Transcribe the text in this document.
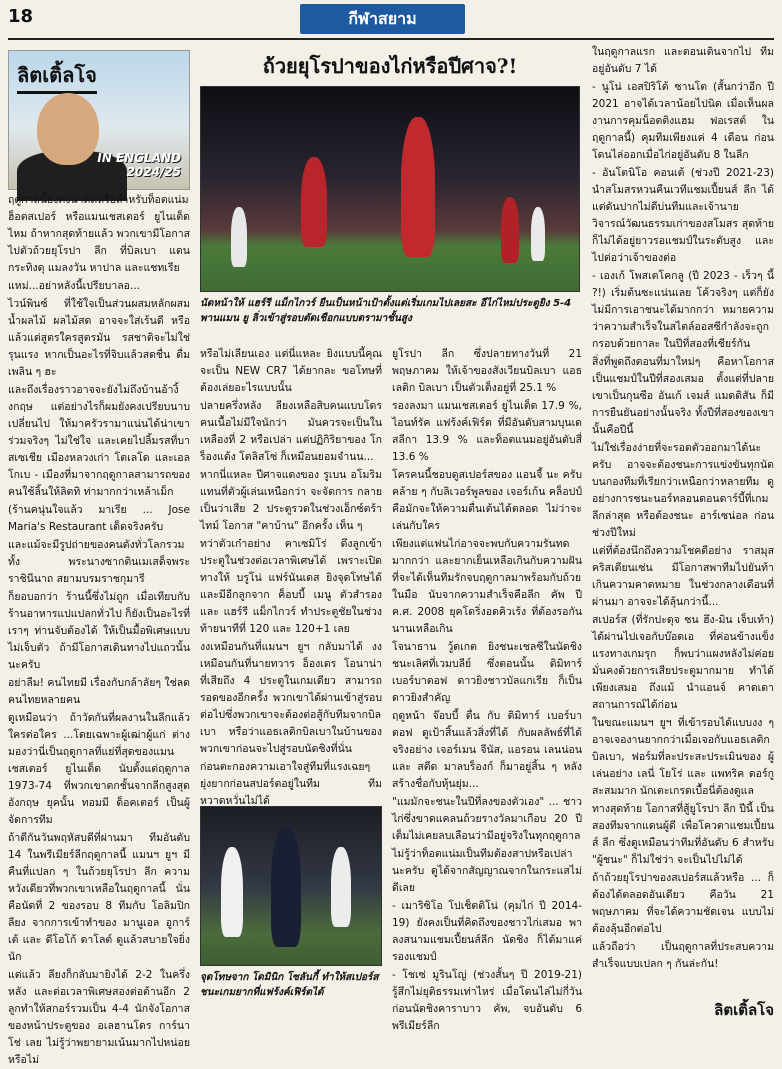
18	กีฬาสยาม
ลิตเติ้ลโจ
IN ENGLAND
2024/25
ถ้วยยุโรปาของไก่หรือปีศาจ?!
นัดหน้าให้ แฮร์รี แม็กไกวร์ ยืนเป็นหน้าเป้าตั้งแต่เริ่มเกมไปเลยสะ อีไก่ไหม่ประตูยิง 5-4 พานแมน ยู ลิ่วเข้าสู่รอบตัดเชือกแบบดรามาชั้นสูง
จุดโทษจาก โดมินิก โซลันกี้ ทำให้สเปอร์สชนะเกมยากที่แฟร้งค์เฟิร์ตได้

ฤดูกาลนี้ยังคงน่าติดหรือลำหรับท็อตแน่ม ฮ็อตสเปอร์ หรือแมนเชสเตอร์ ยูไนเต็ด ไหม ถ้าหากสุดท้ายแล้ว พวกเขามีโอกาสไปตัวถ้วยยุโรปา ลีก ที่บิลเบา แดนกระทิงดุ แมลงวัน หาปาล และแชทเรีย

แหม่...อย่าหลังนี้เปรียบาลอ...

ไวน์พินซ์ ที่ใช้ใจเป็นส่วนผสมหลักผสมน้ำผลไม้ ผลไม้สด อาจจะใส่เร้นดี หรือแล้วแต่สูตรใครสูตรมัน รสชาติจะไม่ใช่รุนแรง หากเป็นอะไรที่จิบแล้วสดชื่น ดื่มเพลิน ๆ ฮะ

และถึงเรื่องราวอาจจะยังไม่ถึงบ้านอ้างิ้งกฤษ แต่อย่างไรก็ผมยังคงเปรียบนาบเปลี่ยนไป ให้มาครัวรามาแน่นได้น่าเขาร่วมจริงๆ ไม่ใช่ใจ และเคยไปลิ้มรสที่บาสเซเชีย เมืองหลวงเก่า โตเลโด และเอลโกเบ - เมืองที่มาจากฤดูกาลสามารถของคนใช้ลิ้นให้ลิตทิ ท่ามากกว่าเหล้าเม็ก

(ร้านคนุ่นใจแล้ว มาเรีย ... Jose Maria's Restaurant เด็ดจริงครับ

และแม้จะมีรูปถ่ายของคนดังทั่วโลกรวมทั้ง พระนางซากตินเมเสด็จพระราชินีนาถ สยามบรมราชกุมารี

ก็ยอบอกว่า ร้านนี้ซึ่งไม่ถูก เมื่อเทียบกับร้านอาหารแปแปลกทั่วไป ก็ยังเป็นอะไรที่เราๆ ท่านจับต้องได้ ให้เป็นมื้อพิเศษแบบไม่เจ็บตัว ถ้ามีโอกาสเดินทางไปแถวนั้นนะครับ

อย่าลืม! คนไทยมี เรื่องกับกล้าลัยๆ ใช่ลดคนไทยหลายคน

ดูเหมือนว่า ถ้าวัดกันที่ผลงานในลีกแล้ว ใครต่อใคร ...โดยเฉพาะผู้เฒ่าผู้แก่ ต่างมองว่านี่เป็นฤดูกาลที่แย่ที่สุดของแมนเชสเตอร์ ยูไนเต็ด นับตั้งแต่ฤดูกาล 1973-74 ที่พวกเขาตกชั้นจากลีกสูงสุดอังกฤษ ยุคนั้น ทอมมี ด็อคเตอร์ เป็นผู้จัดการทีม

ถ้าดีกันวันพฤหัสบดีที่ผ่านมา ทีมอันดับ 14 ในพรีเมียร์ลีกฤดูกาลนี้ แมนฯ ยูฯ มีคืนที่แปลก ๆ ในถ้วยยุโรปา ลีก ความหวังเดียวที่พวกเขาเหลือในฤดูกาลนี้ นั่นคือนัดที่ 2 ของรอบ 8 ทีมกับ โอลิมปิก ลียง จากการเข้าทำของ มานูเอล อูการ์เต้ และ ดีโอโก้ ดาโลต์ ดูแล้วสบายใจยิ่งนัก

แต่แล้ว ลียงก็กลับมายิงได้ 2-2 ในครึ่งหลัง และต่อเวลาพิเศษสองต่อต้านอีก 2 ลูกทำให้สกอร์รวมเป็น 4-4 นักจังโอกาสของหน้าประตูของ อเลฮานโดร การ์นาโช่ เลย ไม่รู้ว่าพยายามเน้นมากไปหน่อยหรือไม่

หรือไม่เลียนเอง แต่นี่แหละ ยิงแบบนี้คุณจะเป็น NEW CR7 ได้ยากละ ขอโทษที่ต้องเล่ยอะไรแบบนั้น

ปลายครึ่งหลัง ลียงเหลือสิบคนแบบโดรคนเนื้อไม่มีใจนักว่า มันควรจะเป็นในเหลืองที่ 2 หรือเปล่า แต่ปฏิกิริยาของ โกร็องแด้ง โตลิสโซ่ ก็เหมือนยอมจำนน...

หากนี่แหละ ปีศาจแดงของ รูเบน อโมริม แทนที่ตัวผู้เล่นเหนือกว่า จะจัดการ กลายเป็นว่าเสีย 2 ประตูรวดในช่วงเอ็กซ์ตร้าไทม์ โอกาส "คาบ้าน" อีกครั้ง เห็น ๆ

ทว่าตัวเก๋าอย่าง คาเซมิโร่ ดึงลูกเข้าประตูในช่วงต่อเวลาพิเศษได้ เพราะเปิดทางให้ บรูโน่ แฟร์นันเดส ยิงจุดโทษได้ และมีอีกลูกจาก ค็อบบี้ เมนู ตัวสำรอง และ แฮร์รี แม็กไกวร์ ทำประตูชัยในช่วงท้ายนาทีที่ 120 และ 120+1 เลย

งงเหมือนกันที่แมนฯ ยูฯ กลับมาได้ งงเหมือนกันที่นายทวาร อ็องเดร โอนาน่า ที่เสียถึง 4 ประตูในเกมเดียว สามารถรอดของอีกครั้ง พวกเขาได้ผ่านเข้าสู่รอบต่อไปซึ่งพวกเขาจะต้องต่อสู้กับทีมจากบิลเบา หรือว่าแอธเลติกบิลเบาในบ้านของพวกเขาก่อนจะไปสู่รอบนัดชิงที่นั่น

ก่อนตะกองความเอาใจสู่ทีมที่แรงเฉยๆ ยุ่งยากก่อนสปอร์ตอยู่ในทีม ทีมหวาดหวั่นไม่ได้

ยูโรปา ลีก ซึ่งปลายทางวันที่ 21 พฤษภาคม ให้เจ้าของสังเวียนบิลเบา แอธเลติก บิลเบา เป็นตัวเต็งอยู่ที่ 25.1 %

รองลงมา แมนเชสเตอร์ ยูไนเต็ด 17.9 %, ไอนท์รัค แฟร้งค์เฟิร์ต ที่มีอันดับสามบุนเดสลีกา 13.9 % และท็อตแนมอยู่อันดับสี่ 13.6 %

โครคนนี้ชอบดูสเปอร์สของ แอนจี้ นะ ครับ คล้าย ๆ กับลิเวอร์พูลของ เจอร์เก้น คล็อปป์ คือมักจะให้ความตื่นเต้นได้ตลอด ไม่ว่าจะเล่นกับใคร

เพียงแต่แฟนไก่อาจจะพบกับความรันทดมากกว่า และยากเย็นเหลือเกินกับความฝันที่จะได้เห็นทีมรักจบฤดูกาลมาพร้อมกับถ้วยในมือ นับจากความสำเร็จคือลีก คัพ ปี ค.ศ. 2008 ยุคโดริ่งอดคิวเร้ง ที่ต้องรอกันนานเหลือเกิน

โจนาธาน วู้ดเกต ยิงชนะเชลซีในนัดชิงชนะเลิศที่เวมบลีย์ ซึ่งตอนนั้น ดิมิทาร์ เบอร์บาตอฟ ดาวยิงชาวบัลแกเรีย ก็เป็นดาวยิงสำคัญ

ฤดูหน้า จ๊อบบี้ ตื่น กับ ดิมิทาร์ เบอร์บาตอฟ ดูเป้าสิ้นแล้วสิ่งที่ได้ กับผลลัพธ์ที่ได้จริงอย่าง เจอร์เมน จีนัส, แอรอน เลนน่อน และ สตีด มาลบร็องก์ ก็มาอยู่สิ้น ๆ หลังสร้างชื่อกับหุ้นยุ่ม...

"แมมักจะชนะในปีที่ลงของตัวเอง" ... ชาวไก่ซึ่งขาดแคลนถ้วยรางวัลมาเกือบ 20 ปีเต็มไม่เคยลบเลือนว่ามีอยู่จริงในทุกฤดูกาล

ไม่รู้ว่าท็อตแน่มเป็นทีมต้องสาปหรือเปล่านะครับ ดูได้จากสัญญาณจากในกระแสไม่ดีเลย

- เมาริซิโอ โปเช็ตติโน่ (คุมไก่ ปี 2014-19) ยังคงเป็นที่คิดถึงของชาวไก่เสมอ พาลงสนามแชมเปี้ยนส์ลีก นัดชิง ก็ได้มาแค่รองแชมป์

- โชเซ่ มูรินโญ่ (ช่วงสั้นๆ ปี 2019-21) รู้สึกไม่ยุติธรรมเท่าไหร่ เมื่อโดนไล่ไม่กี่วันก่อนนัดชิงคาราบาว คัพ, จบอันดับ 6 พรีเมียร์ลีก

ในฤดูกาลแรก และตอนเดินจากไป ทีมอยู่อันดับ 7 ได้

- นูโน่ เอสปิริโต้ ซานโต (สั้นกว่าอีก ปี 2021 อาจได้เวลาน้อยไปนิด เมื่อเห็นผลงานการคุมน็อตติงแฮม ฟอเรสต์ ในฤดูกาลนี้) คุมทีมเพียงแค่ 4 เดือน ก่อนโดนไล่ออกเมื่อไก่อยู่อันดับ 8 ในลีก

- อันโตนิโอ คอนเต้ (ช่วงปี 2021-23) นำสโมสรหวนคืนเวทีแชมเปี้ยนส์ ลีก ได้ แต่ดันปากไม่ดีบ่นทีมและเจ้านาย วิจารณ์วัฒนธรรมเก่าของสโมสร สุดท้ายก็ไม่ได้อยู่ยาวรอแชมป์ในระดับสูง และไปต่อว่าเจ้าของต่อ

- เองเก้ โพสเตโคกลู (ปี 2023 - เร็วๆ นี้ ?!) เริ่มต้นซะแน่นเลย โค้วจริงๆ แต่ก็ยังไม่มีการเอาชนะได้มากกว่า หมายความว่าความสำเร็จในสไตล์ออสซีกำลังจะถูกกรอบด้วยกาละ ในปีที่สองที่เชียร์กัน

สิ่งที่พูดถึงตอนที่มาใหม่ๆ คือหาโอกาสเป็นแชมป์ในปีที่สองเสมอ ตั้งแต่ที่ปลายเขาเป็นกุนซือ อันเก้ เจมส์ แมดดิสัน ก็มีการยืนยันอย่างนั้นจริง ทั้งปีที่สองของเขานั้นคือปีนี้

ไม่ใช่เรื่องง่ายที่จะรอดตัวออกมาได้นะครับ อาจจะต้องชนะการแข่งขันทุกนัดบนกองทีมที่เรียกว่าเหนือกว่าหลายทีม ดูอย่างการชนะนอร์ทลอนดอนดาร์บี้ที่เกมลีกล่าสุด หรือต้องชนะ อาร์เซน่อล ก่อนช่วงปีใหม่

แต่ที่ต้องนึกถึงความโชคดีอย่าง ราสมุส คริสเตียนเซ่น มีโอกาสพาทีมไปยันท้าเกินความคาดหมาย ในช่วงกลางเดือนที่ผ่านมา อาจจะได้ลุ้นกว่านี้...

สเปอร์ส (ที่รักปะดุจ ซน ฮึง-มิน เจ็บเท้า) ได้ผ่านไปเจอกับบ๊อดเอ ที่ค่อนข้างแข็งแรงทางเกมรุก ก็พบว่าแผงหลังไม่ค่อยมั่นคงด้วยการเสียประตูมากมาย ทำได้เพียงเสมอ ถึงแม้ นำแอนจ์ คาดเดาสถานการณ์ได้ก่อน

ในขณะแมนฯ ยูฯ ที่เข้ารอบได้แบบงง ๆ อาจเจองานยากกว่าเมื่อเจอกับแอธเลติก บิลเบา, ฟอร์มที่ละประสะประเมินของ ผู้เล่นอย่าง เลนี่ โยโร่ และ แพทริค ดอร์กู สะสมมาก นักเตะเกรดเบื้อนี่ต้องดูแล

ทางสุดท้าย โอกาสที่สู้ยูโรปา ลีก ปีนี้ เป็นสองทีมจากแดนผู้ดี เพื่อโควตาแชมเปี้ยนส์ ลีก ซึ่งดูเหมือนว่าทีมที่อันดับ 6 สำหรับ "ผู้ชนะ" ก็ไม่ใช่ว่า จะเป็นไปไม่ได้

ถ้าถ้วยยุโรปาของสเปอร์สแล้วหรือ ... ก็ต้องได้ตลอดอันเดียว คือวัน 21 พฤษภาคม ที่จะได้ความชัดเจน แบบไม่ต้องลุ้นอีกต่อไป

แล้วถือว่า เป็นฤดูกาลที่ประสบความสำเร็จแบบเปลก ๆ กันล่ะกัน!

ลิตเติ้ลโจ
